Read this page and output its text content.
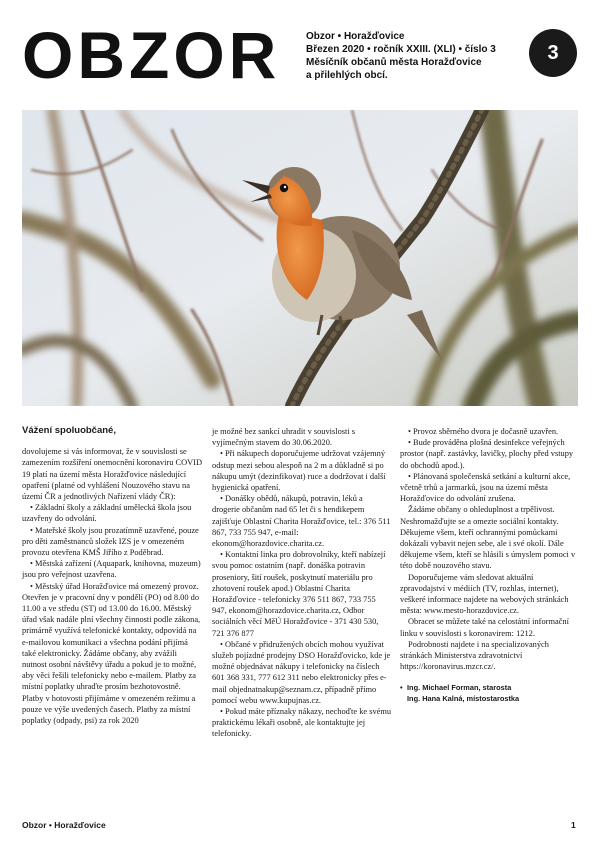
OBZOR	Obzor • Horažďovice
Březen 2020 • ročník XXIII. (XLI) • číslo 3
Měsíčník občanů města Horažďovice
a přilehlých obcí.
3

Vážení spoluobčané,

dovolujeme si vás informovat, že v souvislosti se zamezením rozšíření onemocnění koronaviru COVID 19 platí na území města Horažďovice následující opatření (platné od vyhlášení Nouzového stavu na území ČR a jednotlivých Nařízení vlády ČR):

• Základní školy a základní umělecká škola jsou uzavřeny do odvolání.

• Mateřské školy jsou prozatímně uzavřené, pouze pro děti zaměstnanců složek IZS je v omezeném provozu otevřena KMŠ Jiřího z Poděbrad.

• Městská zařízení (Aquapark, knihovna, muzeum) jsou pro veřejnost uzavřena.

• Městský úřad Horažďovice má omezený provoz. Otevřen je v pracovní dny v pondělí (PO) od 8.00 do 11.00 a ve středu (ST) od 13.00 do 16.00. Městský úřad však nadále plní všechny činnosti podle zákona, primárně využívá telefonické kontakty, odpovídá na e-mailovou komunikaci a všechna podání přijímá také elektronicky. Žádáme občany, aby zvážili nutnost osobní návštěvy úřadu a pokud je to možné, aby věci řešili telefonicky nebo e-mailem. Platby za místní poplatky uhraďte prosím bezhotovostně. Platby v hotovosti přijímáme v omezeném režimu a pouze ve výše uvedených časech. Platby za místní poplatky (odpady, psi) za rok 2020

je možné bez sankcí uhradit v souvislosti s vyjímečným stavem do 30.06.2020.

• Při nákupech doporučujeme udržovat vzájemný odstup mezi sebou alespoň na 2 m a důkladně si po nákupu umýt (dezinfikovat) ruce a dodržovat i další hygienická opatření.

• Donášky obědů, nákupů, potravin, léků a drogerie občanům nad 65 let či s hendikepem zajišťuje Oblastní Charita Horažďovice, tel.: 376 511 867, 733 755 947, e-mail: ekonom@horazdovice.charita.cz.

• Kontaktní linka pro dobrovolníky, kteří nabízejí svou pomoc ostatním (např. donáška potravin proseniory, šití roušek, poskytnutí materiálu pro zhotovení roušek apod.) Oblastní Charita Horažďovice - telefonicky 376 511 867, 733 755 947, ekonom@horazdovice.charita.cz, Odbor sociálních věcí MěÚ Horažďovice - 371 430 530, 721 376 877

• Občané v přidružených obcích mohou využívat služeb pojízdné prodejny DSO Horažďovicko, kde je možné objednávat nákupy i telefonicky na číslech 601 368 331, 777 612 311 nebo elektronicky přes e-mail objednatnakup@seznam.cz, případně přímo pomocí webu www.kupujnas.cz.

• Pokud máte příznaky nákazy, nechoďte ke svému praktickému lékaři osobně, ale kontaktujte jej telefonicky.

• Provoz sběrného dvora je dočasně uzavřen.

• Bude prováděna plošná desinfekce veřejných prostor (např. zastávky, lavičky, plochy před vstupy do obchodů apod.).

• Plánovaná společenská setkání a kulturní akce, včetně trhů a jarmarků, jsou na území města Horažďovice do odvolání zrušena.

Žádáme občany o ohleduplnost a trpělivost. Neshromažďujte se a omezte sociální kontakty. Děkujeme všem, kteří ochrannými pomůckami dokázali vybavit nejen sebe, ale i své okolí. Dále děkujeme všem, kteří se hlásili s úmyslem pomoci v této době nouzového stavu.

Doporučujeme vám sledovat aktuální zpravodajství v médiích (TV, rozhlas, internet), veškeré informace najdete na webových stránkách města: www.mesto-horazdovice.cz.

Obracet se můžete také na celostátní informační linku v souvislosti s koronavirem: 1212.

Podrobnosti najdete i na specializovaných stránkách Ministerstva zdravotnictví https://koronavirus.mzcr.cz/.

• Ing. Michael Forman, starosta
Ing. Hana Kalná, místostarostka
Obzor • Horažďovice	1
